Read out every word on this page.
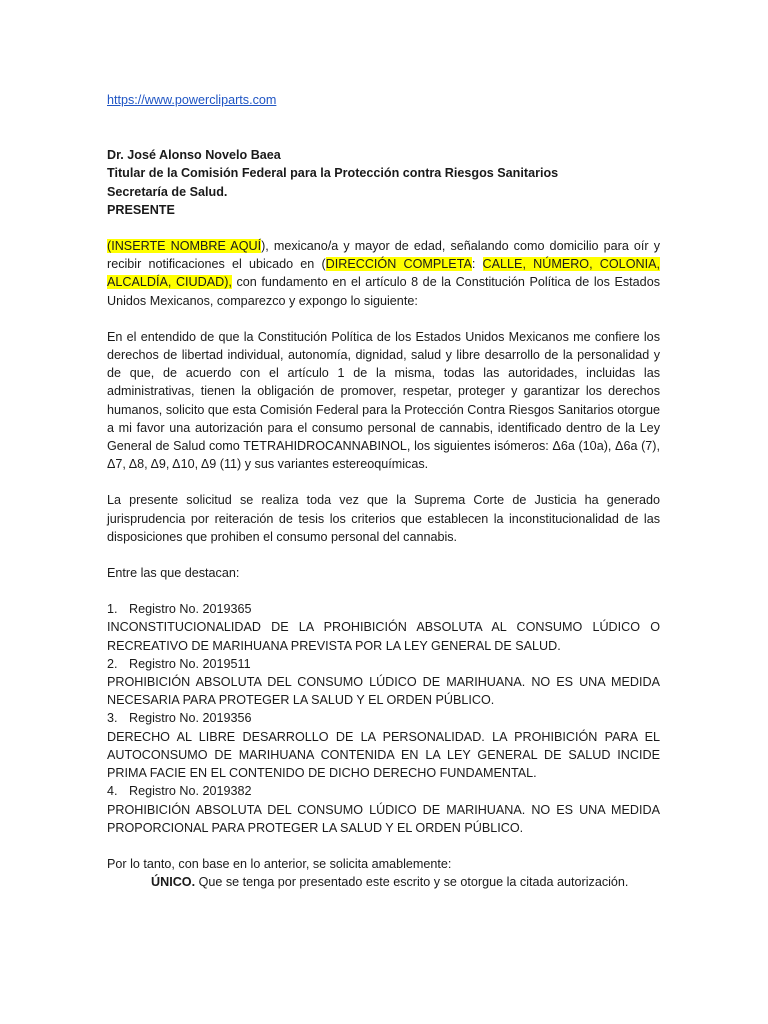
https://www.powercliparts.com
Dr. José Alonso Novelo Baea
Titular de la Comisión Federal para la Protección contra Riesgos Sanitarios
Secretaría de Salud.
PRESENTE

(INSERTE NOMBRE AQUÍ), mexicano/a y mayor de edad, señalando como domicilio para oír y recibir notificaciones el ubicado en (DIRECCIÓN COMPLETA: CALLE, NÚMERO, COLONIA, ALCALDÍA, CIUDAD), con fundamento en el artículo 8 de la Constitución Política de los Estados Unidos Mexicanos, comparezco y expongo lo siguiente:

En el entendido de que la Constitución Política de los Estados Unidos Mexicanos me confiere los derechos de libertad individual, autonomía, dignidad, salud y libre desarrollo de la personalidad y de que, de acuerdo con el artículo 1 de la misma, todas las autoridades, incluidas las administrativas, tienen la obligación de promover, respetar, proteger y garantizar los derechos humanos, solicito que esta Comisión Federal para la Protección Contra Riesgos Sanitarios otorgue a mi favor una autorización para el consumo personal de cannabis, identificado dentro de la Ley General de Salud como TETRAHIDROCANNABINOL, los siguientes isómeros: Δ6a (10a), Δ6a (7), Δ7, Δ8, Δ9, Δ10, Δ9 (11) y sus variantes estereoquímicas.

La presente solicitud se realiza toda vez que la Suprema Corte de Justicia ha generado jurisprudencia por reiteración de tesis los criterios que establecen la inconstitucionalidad de las disposiciones que prohiben el consumo personal del cannabis.

Entre las que destacan:
1. Registro No. 2019365
INCONSTITUCIONALIDAD DE LA PROHIBICIÓN ABSOLUTA AL CONSUMO LÚDICO O RECREATIVO DE MARIHUANA PREVISTA POR LA LEY GENERAL DE SALUD.
2. Registro No. 2019511
PROHIBICIÓN ABSOLUTA DEL CONSUMO LÚDICO DE MARIHUANA. NO ES UNA MEDIDA NECESARIA PARA PROTEGER LA SALUD Y EL ORDEN PÚBLICO.
3. Registro No. 2019356
DERECHO AL LIBRE DESARROLLO DE LA PERSONALIDAD. LA PROHIBICIÓN PARA EL AUTOCONSUMO DE MARIHUANA CONTENIDA EN LA LEY GENERAL DE SALUD INCIDE PRIMA FACIE EN EL CONTENIDO DE DICHO DERECHO FUNDAMENTAL.
4. Registro No. 2019382
PROHIBICIÓN ABSOLUTA DEL CONSUMO LÚDICO DE MARIHUANA. NO ES UNA MEDIDA PROPORCIONAL PARA PROTEGER LA SALUD Y EL ORDEN PÚBLICO.
Por lo tanto, con base en lo anterior, se solicita amablemente:
ÚNICO. Que se tenga por presentado este escrito y se otorgue la citada autorización.
